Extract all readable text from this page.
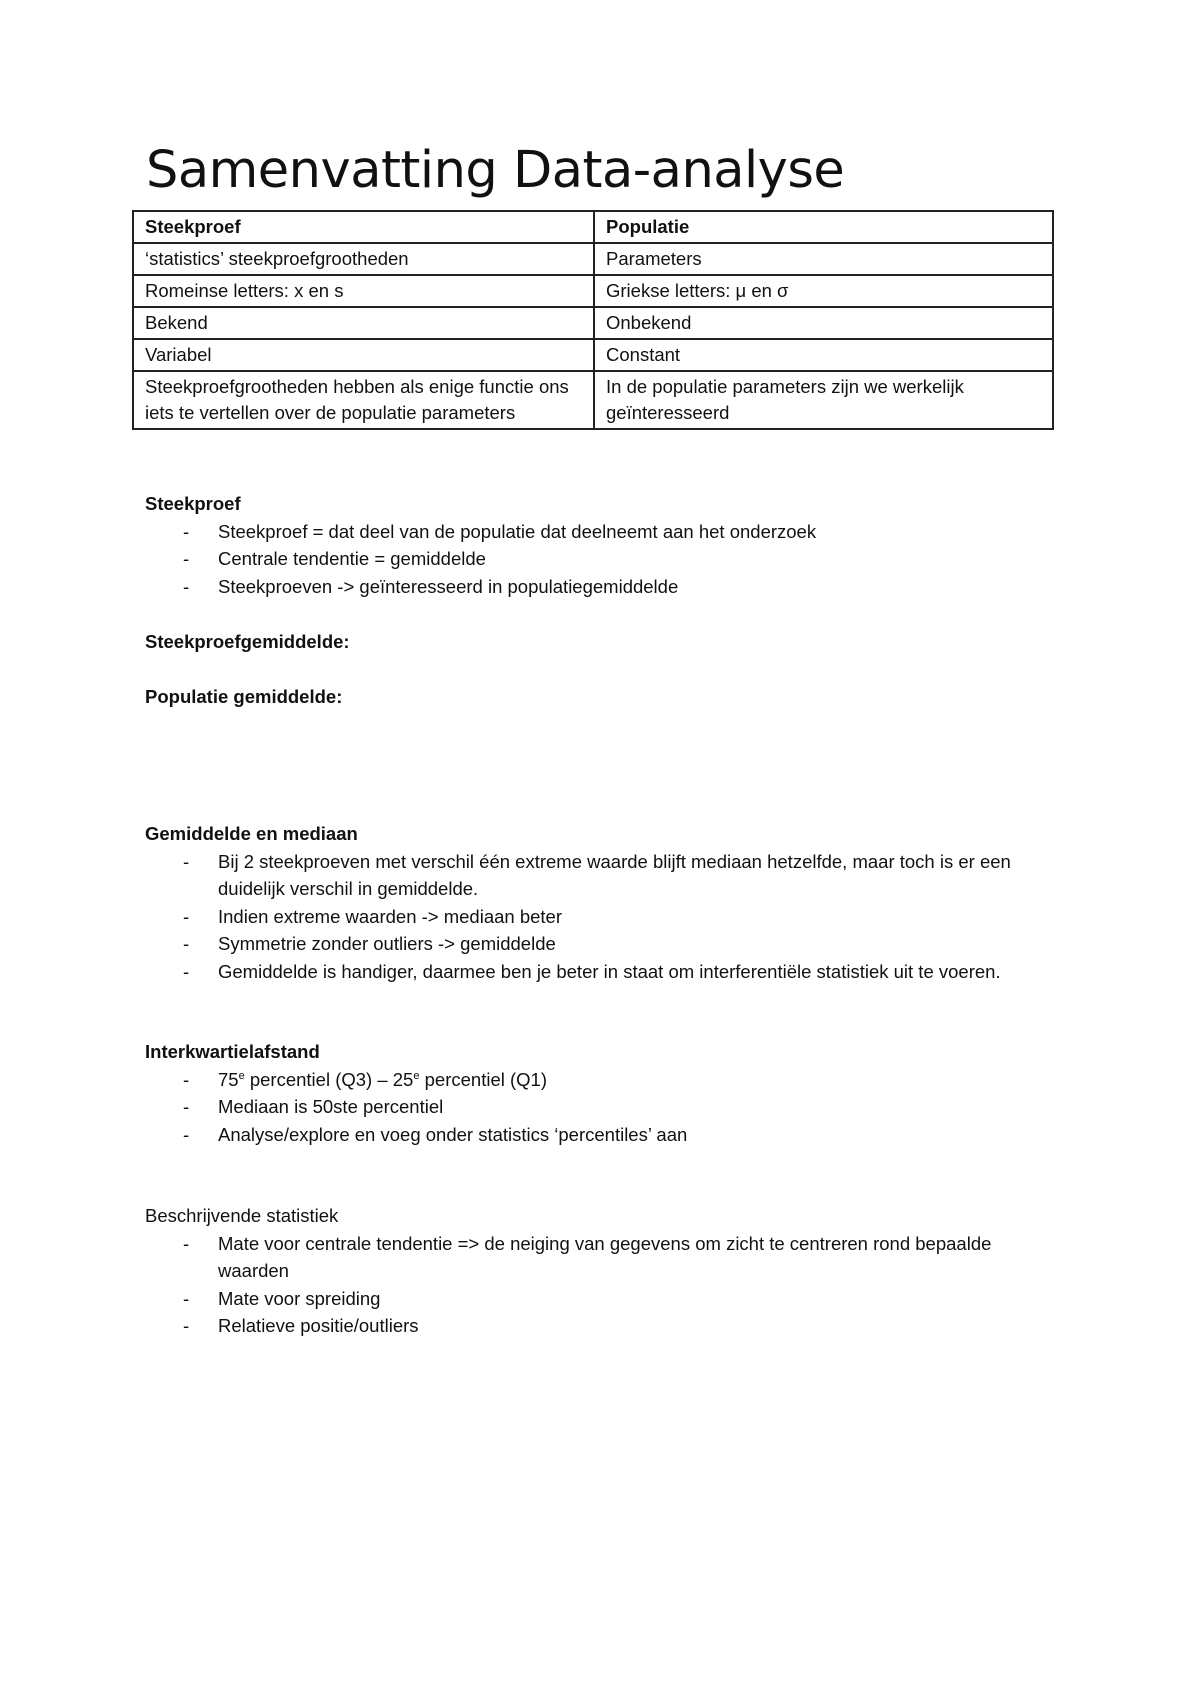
Samenvatting Data-analyse
Steekproef	Populatie
‘statistics’ steekproefgrootheden	Parameters
Romeinse letters: x en s	Griekse letters: μ en σ
Bekend	Onbekend
Variabel	Constant
Steekproefgrootheden hebben als enige functie ons iets te vertellen over de populatie parameters	In de populatie parameters zijn we werkelijk geïnteresseerd

Steekproef

- Steekproef = dat deel van de populatie dat deelneemt aan het onderzoek
- Centrale tendentie = gemiddelde
- Steekproeven -> geïnteresseerd in populatiegemiddelde

Steekproefgemiddelde:

Populatie gemiddelde:

Gemiddelde en mediaan

- Bij 2 steekproeven met verschil één extreme waarde blijft mediaan hetzelfde, maar toch is er een duidelijk verschil in gemiddelde.
- Indien extreme waarden -> mediaan beter
- Symmetrie zonder outliers -> gemiddelde
- Gemiddelde is handiger, daarmee ben je beter in staat om interferentiële statistiek uit te voeren.

Interkwartielafstand

- 75e percentiel (Q3) – 25e percentiel (Q1)
- Mediaan is 50ste percentiel
- Analyse/explore en voeg onder statistics ‘percentiles’ aan

Beschrijvende statistiek

- Mate voor centrale tendentie => de neiging van gegevens om zicht te centreren rond bepaalde waarden
- Mate voor spreiding
- Relatieve positie/outliers
